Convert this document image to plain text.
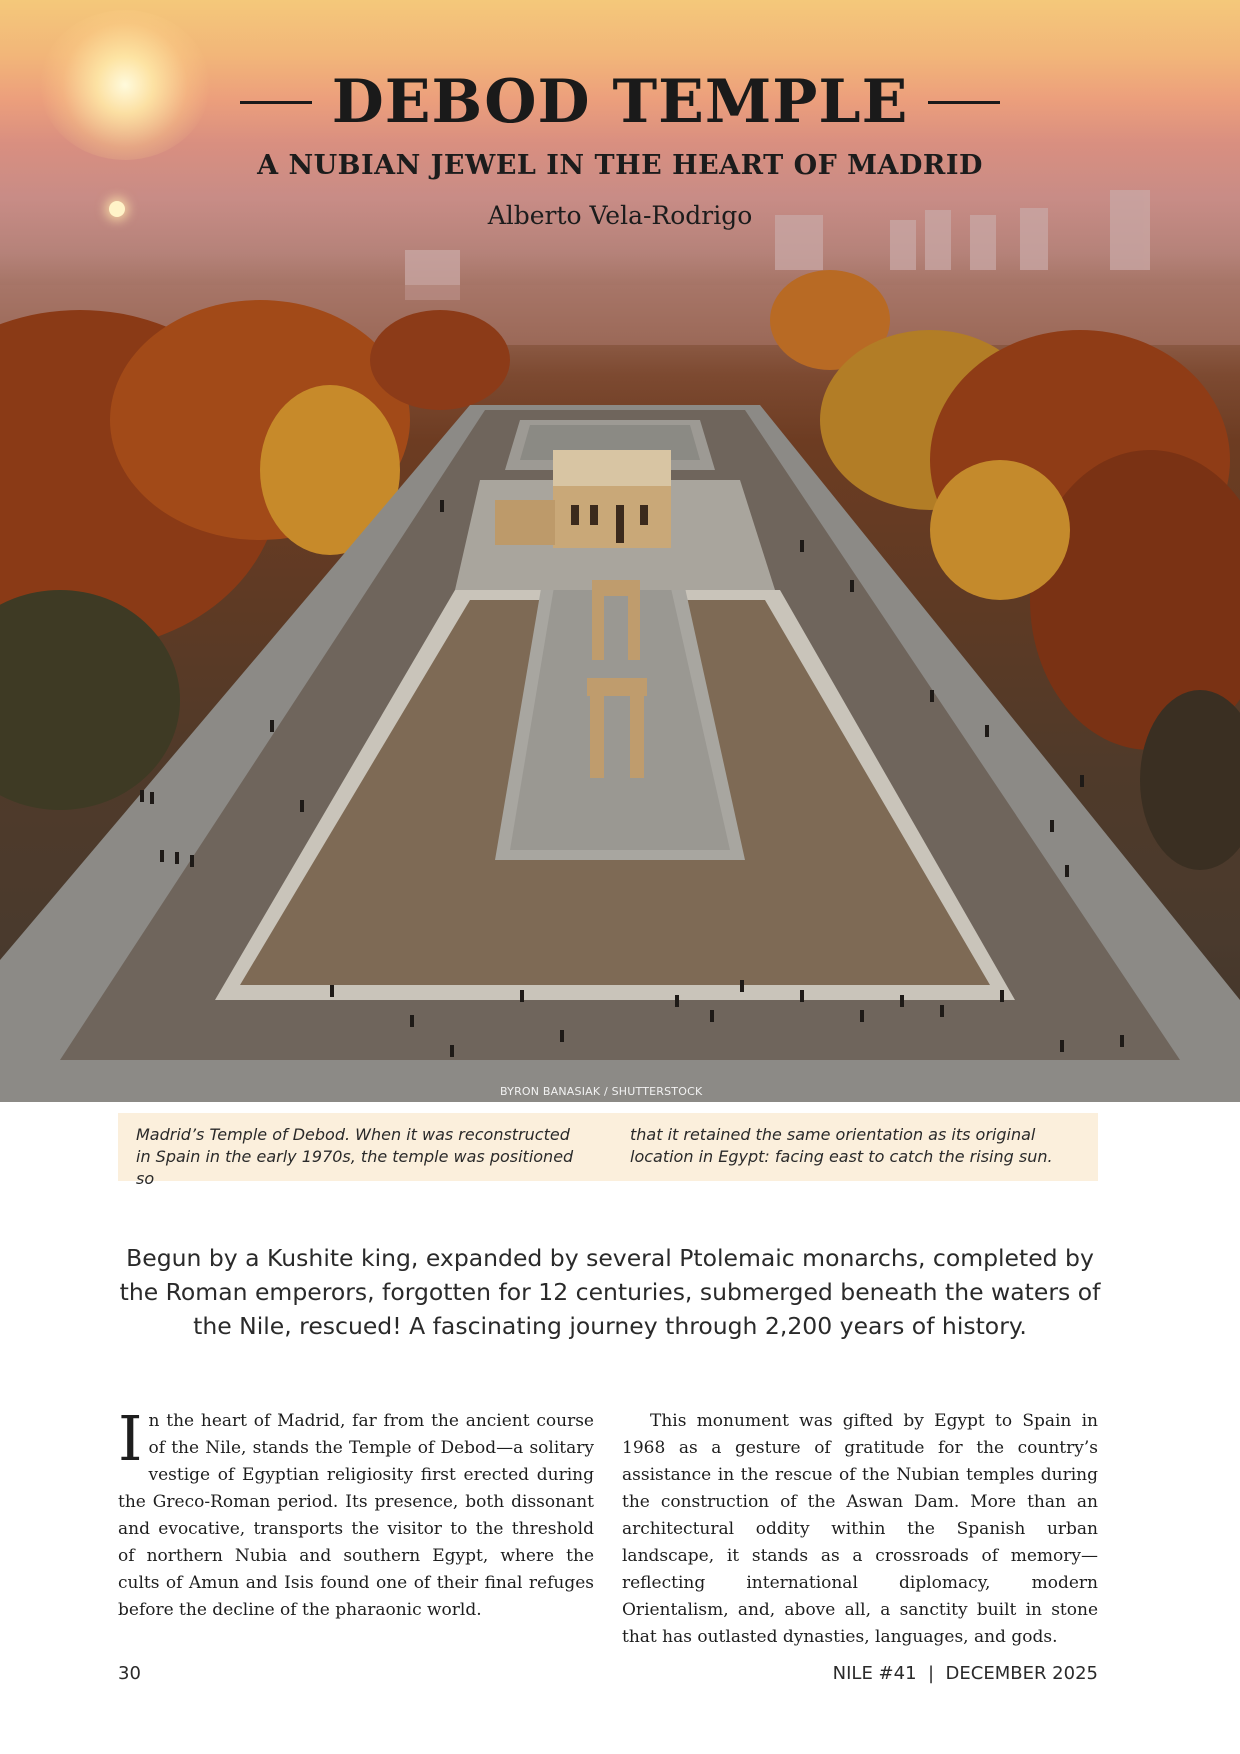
DEBOD TEMPLE
A NUBIAN JEWEL IN THE HEART OF MADRID
Alberto Vela-Rodrigo
BYRON BANASIAK / SHUTTERSTOCK

Madrid’s Temple of Debod. When it was reconstructed in Spain in the early 1970s, the temple was positioned so

that it retained the same orientation as its original location in Egypt: facing east to catch the rising sun.

Begun by a Kushite king, expanded by several Ptolemaic monarchs, completed by the Roman emperors, forgotten for 12 centuries, submerged beneath the waters of the Nile, rescued! A fascinating journey through 2,200 years of history.

In the heart of Madrid, far from the ancient course of the Nile, stands the Temple of Debod—a solitary vestige of Egyptian religiosity first erected during the Greco-Roman period. Its presence, both dissonant and evocative, transports the visitor to the threshold of northern Nubia and southern Egypt, where the cults of Amun and Isis found one of their final refuges before the decline of the pharaonic world.

This monument was gifted by Egypt to Spain in 1968 as a gesture of gratitude for the country’s assistance in the rescue of the Nubian temples during the construction of the Aswan Dam. More than an architectural oddity within the Spanish urban landscape, it stands as a crossroads of memory—reflecting international diplomacy, modern Orientalism, and, above all, a sanctity built in stone that has outlasted dynasties, languages, and gods.

30	NILE #41 | DECEMBER 2025
